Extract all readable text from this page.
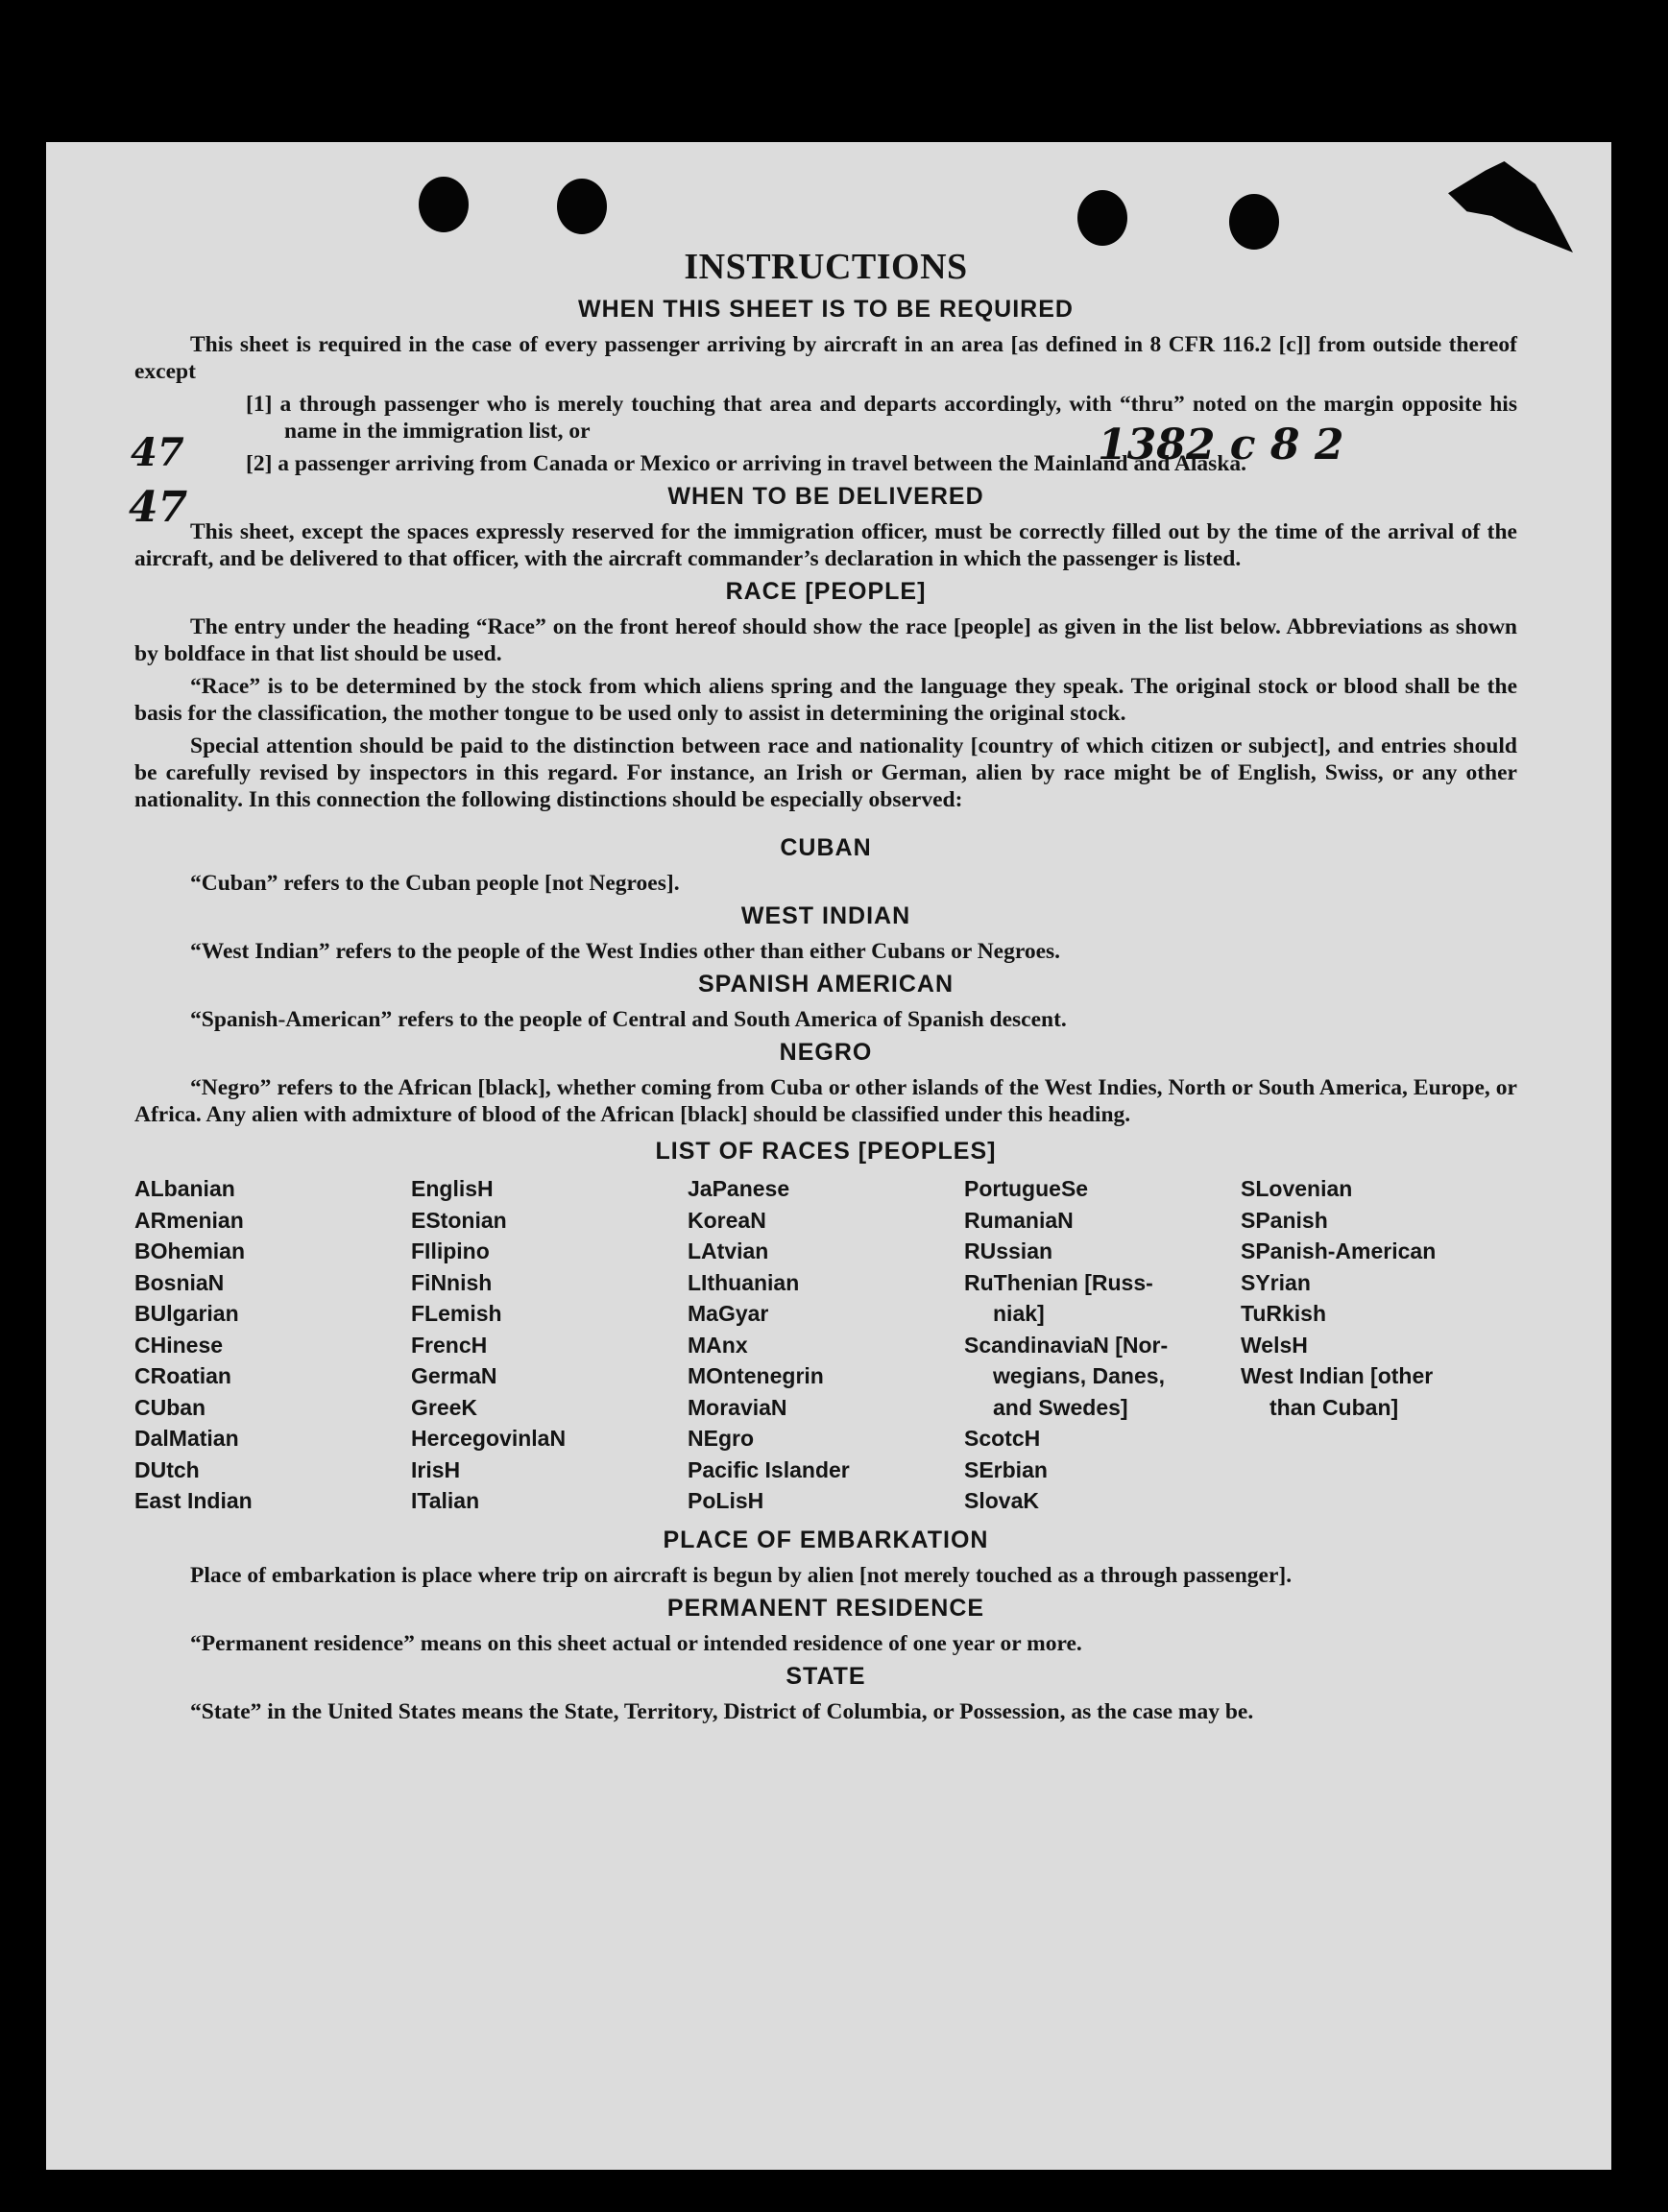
47
47
1382 c 8 2
INSTRUCTIONS
WHEN THIS SHEET IS TO BE REQUIRED

This sheet is required in the case of every passenger arriving by aircraft in an area [as defined in 8 CFR 116.2 [c]] from outside thereof except

[1] a through passenger who is merely touching that area and departs accordingly, with “thru” noted on the margin opposite his name in the immigration list, or

[2] a passenger arriving from Canada or Mexico or arriving in travel between the Mainland and Alaska.

WHEN TO BE DELIVERED

This sheet, except the spaces expressly reserved for the immigration officer, must be correctly filled out by the time of the arrival of the aircraft, and be delivered to that officer, with the aircraft commander’s declaration in which the passenger is listed.

RACE [PEOPLE]

The entry under the heading “Race” on the front hereof should show the race [people] as given in the list below. Abbreviations as shown by boldface in that list should be used.

“Race” is to be determined by the stock from which aliens spring and the language they speak. The original stock or blood shall be the basis for the classification, the mother tongue to be used only to assist in determining the original stock.

Special attention should be paid to the distinction between race and nationality [country of which citizen or subject], and entries should be carefully revised by inspectors in this regard. For instance, an Irish or German, alien by race might be of English, Swiss, or any other nationality. In this connection the following distinctions should be especially observed:

CUBAN

“Cuban” refers to the Cuban people [not Negroes].

WEST INDIAN

“West Indian” refers to the people of the West Indies other than either Cubans or Negroes.

SPANISH AMERICAN

“Spanish-American” refers to the people of Central and South America of Spanish descent.

NEGRO

“Negro” refers to the African [black], whether coming from Cuba or other islands of the West Indies, North or South America, Europe, or Africa. Any alien with admixture of blood of the African [black] should be classified under this heading.

LIST OF RACES [PEOPLES]
ALbanian
ARmenian
BOhemian
BosniaN
BUlgarian
CHinese
CRoatian
CUban
DalMatian
DUtch
East Indian
EnglisH
EStonian
FIlipino
FiNnish
FLemish
FrencH
GermaN
GreeK
HercegovinlaN
IrisH
ITalian
JaPanese
KoreaN
LAtvian
LIthuanian
MaGyar
MAnx
MOntenegrin
MoraviaN
NEgro
Pacific Islander
PoLisH
PortugueSe
RumaniaN
RUssian
RuThenian [Russ-
niak]
ScandinaviaN [Nor-
wegians, Danes,
and Swedes]
ScotcH
SErbian
SlovaK
SLovenian
SPanish
SPanish-American
SYrian
TuRkish
WelsH
West Indian [other
than Cuban]
PLACE OF EMBARKATION

Place of embarkation is place where trip on aircraft is begun by alien [not merely touched as a through passenger].

PERMANENT RESIDENCE

“Permanent residence” means on this sheet actual or intended residence of one year or more.

STATE

“State” in the United States means the State, Territory, District of Columbia, or Possession, as the case may be.
